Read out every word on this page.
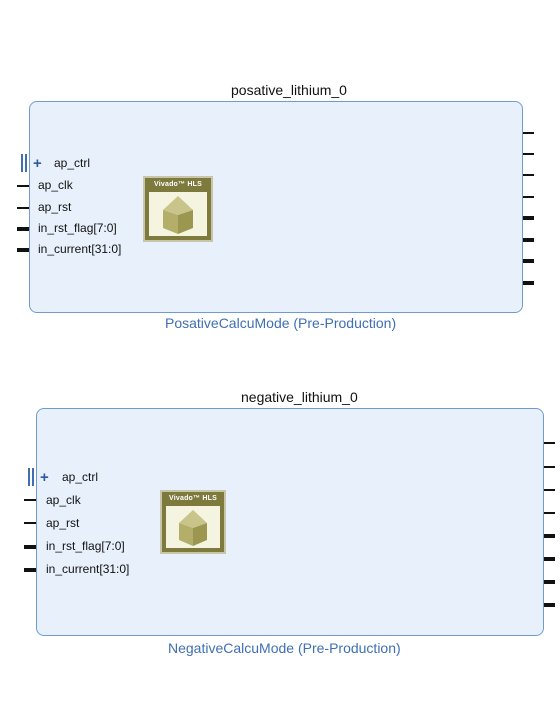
posative_lithium_0
+ ap_ctrl
ap_clk
ap_rst
in_rst_flag[7:0]
in_current[31:0]
Vivado™ HLS
PosativeCalcuMode (Pre-Production)
negative_lithium_0
+ ap_ctrl
ap_clk
ap_rst
in_rst_flag[7:0]
in_current[31:0]
Vivado™ HLS
NegativeCalcuMode (Pre-Production)
